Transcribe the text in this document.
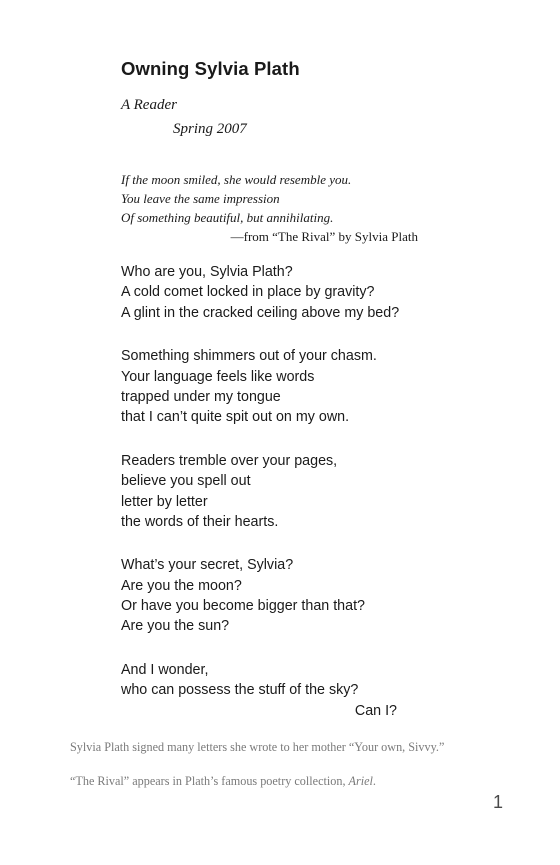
Owning Sylvia Plath
A Reader
Spring 2007
If the moon smiled, she would resemble you.
You leave the same impression
Of something beautiful, but annihilating.
—from “The Rival” by Sylvia Plath
Who are you, Sylvia Plath?
A cold comet locked in place by gravity?
A glint in the cracked ceiling above my bed?
Something shimmers out of your chasm.
Your language feels like words
trapped under my tongue
that I can’t quite spit out on my own.
Readers tremble over your pages,
believe you spell out
letter by letter
the words of their hearts.
What’s your secret, Sylvia?
Are you the moon?
Or have you become bigger than that?
Are you the sun?
And I wonder,
who can possess the stuff of the sky?
Can I?
Sylvia Plath signed many letters she wrote to her mother “Your own, Sivvy.”
“The Rival” appears in Plath’s famous poetry collection, Ariel.
1
